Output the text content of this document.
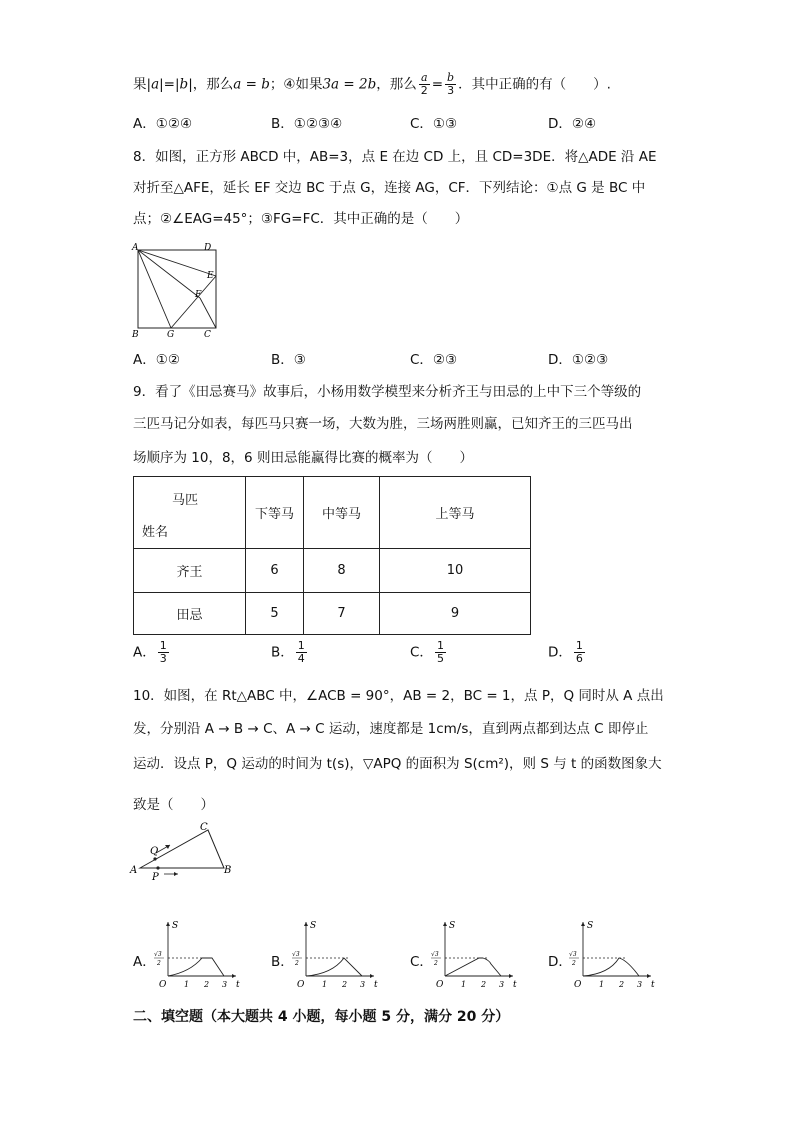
果|a|=|b|，那么a = b；④如果3a = 2b，那么 $\frac{a}{2} = \frac{b}{3}$ ．其中正确的有（　　）.
A．①②④	B．①②③④	C．①③	D．②④
8．如图，正方形 ABCD 中，AB=3，点 E 在边 CD 上，且 CD=3DE．将△ADE 沿 AE
对折至△AFE，延长 EF 交边 BC 于点 G，连接 AG，CF．下列结论：①点 G 是 BC 中
点；②∠EAG=45°；③FG=FC．其中正确的是（　　）
A	D
E
F
B	G	C
A．①②	B．③	C．②③	D．①②③
9．看了《田忌赛马》故事后，小杨用数学模型来分析齐王与田忌的上中下三个等级的
三匹马记分如表，每匹马只赛一场，大数为胜，三场两胜则赢，已知齐王的三匹马出
场顺序为 10，8，6 则田忌能赢得比赛的概率为（　　）
马匹
姓名	下等马	中等马	上等马
齐王	6	8	10
田忌	5	7	9
A． $\frac{1}{3}$	B． $\frac{1}{4}$	C． $\frac{1}{5}$	D． $\frac{1}{6}$
10．如图，在 Rt△ABC 中，∠ACB = 90°，AB = 2，BC = 1，点 P，Q 同时从 A 点出
发，分别沿 A → B → C、A → C 运动，速度都是 1cm/s，直到两点都到达点 C 即停止
运动．设点 P，Q 运动的时间为 t(s)，▽APQ 的面积为 S(cm²)，则 S 与 t 的函数图象大
致是（　　）
A
C
B
Q
P
A．	B．	C．	D．
S
t
O 1 2 3
√3
2
S
t
O 1 2 3
√3
2
S
t
O 1 2 3
√3
2
S
t
O 1 2 3
√3
2
二、填空题（本大题共 4 小题，每小题 5 分，满分 20 分）
